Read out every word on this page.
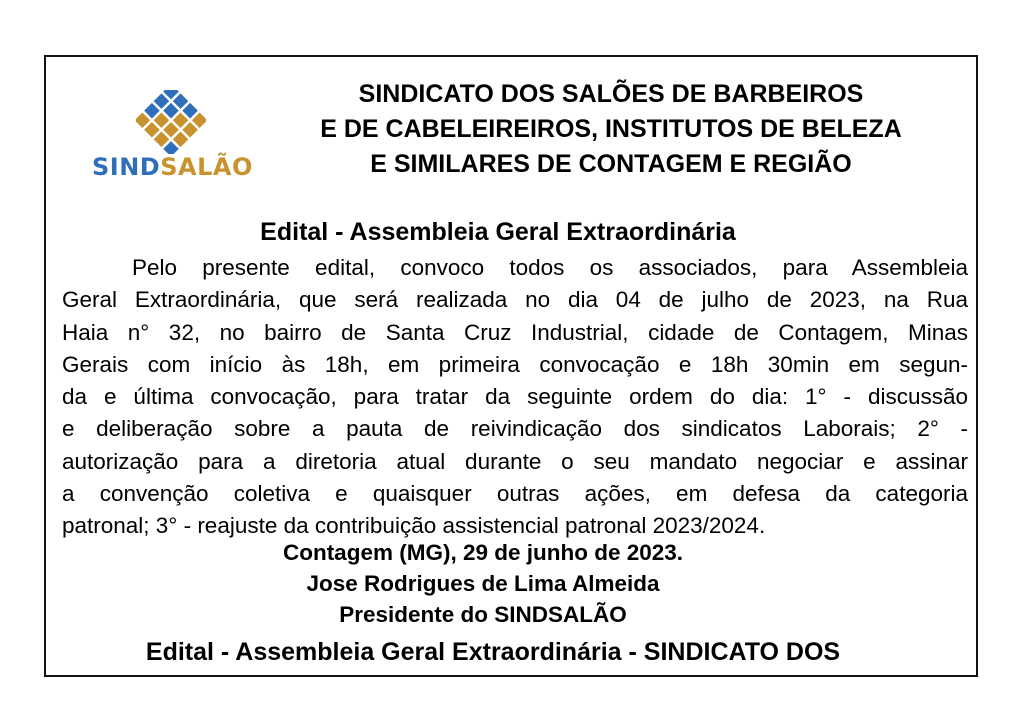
SINDSALÃO
SINDICATO DOS SALÕES DE BARBEIROS
E DE CABELEIREIROS, INSTITUTOS DE BELEZA
E SIMILARES DE CONTAGEM E REGIÃO
Edital - Assembleia Geral Extraordinária
Pelo presente edital, convoco todos os associados, para Assembleia
Geral Extraordinária, que será realizada no dia 04 de julho de 2023, na Rua
Haia n° 32, no bairro de Santa Cruz Industrial, cidade de Contagem, Minas
Gerais com início às 18h, em primeira convocação e 18h 30min em segun-
da e última convocação, para tratar da seguinte ordem do dia: 1° - discussão
e deliberação sobre a pauta de reivindicação dos sindicatos Laborais; 2° -
autorização para a diretoria atual durante o seu mandato negociar e assinar
a convenção coletiva e quaisquer outras ações, em defesa da categoria
patronal; 3° - reajuste da contribuição assistencial patronal 2023/2024.
Contagem (MG), 29 de junho de 2023.
Jose Rodrigues de Lima Almeida
Presidente do SINDSALÃO
Edital - Assembleia Geral Extraordinária - SINDICATO DOS
